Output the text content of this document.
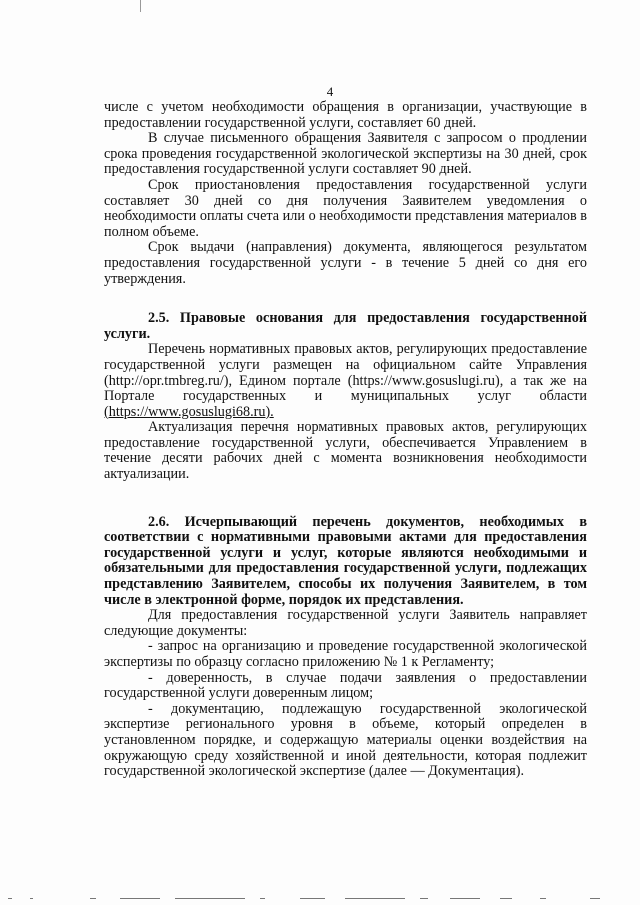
4

числе с учетом необходимости обращения в организации, участвующие в предоставлении государственной услуги, составляет 60 дней.

В случае письменного обращения Заявителя с запросом о продлении срока проведения государственной экологической экспертизы на 30 дней, срок предоставления государственной услуги составляет 90 дней.

Срок приостановления предоставления государственной услуги составляет 30 дней со дня получения Заявителем уведомления о необходимости оплаты счета или о необходимости представления материалов в полном объеме.

Срок выдачи (направления) документа, являющегося результатом предоставления государственной услуги - в течение 5 дней со дня его утверждения.

2.5. Правовые основания для предоставления государственной услуги.

Перечень нормативных правовых актов, регулирующих предоставление государственной услуги размещен на официальном сайте Управления (http://opr.tmbreg.ru/), Едином портале (https://www.gosuslugi.ru), а так же на Портале государственных и муниципальных услуг области (https://www.gosuslugi68.ru).

Актуализация перечня нормативных правовых актов, регулирующих предоставление государственной услуги, обеспечивается Управлением в течение десяти рабочих дней с момента возникновения необходимости актуализации.

2.6. Исчерпывающий перечень документов, необходимых в соответствии с нормативными правовыми актами для предоставления государственной услуги и услуг, которые являются необходимыми и обязательными для предоставления государственной услуги, подлежащих представлению Заявителем, способы их получения Заявителем, в том числе в электронной форме, порядок их представления.

Для предоставления государственной услуги Заявитель направляет следующие документы:

- запрос на организацию и проведение государственной экологической экспертизы по образцу согласно приложению № 1 к Регламенту;

- доверенность, в случае подачи заявления о предоставлении государственной услуги доверенным лицом;

- документацию, подлежащую государственной экологической экспертизе регионального уровня в объеме, который определен в установленном порядке, и содержащую материалы оценки воздействия на окружающую среду хозяйственной и иной деятельности, которая подлежит государственной экологической экспертизе (далее — Документация).
